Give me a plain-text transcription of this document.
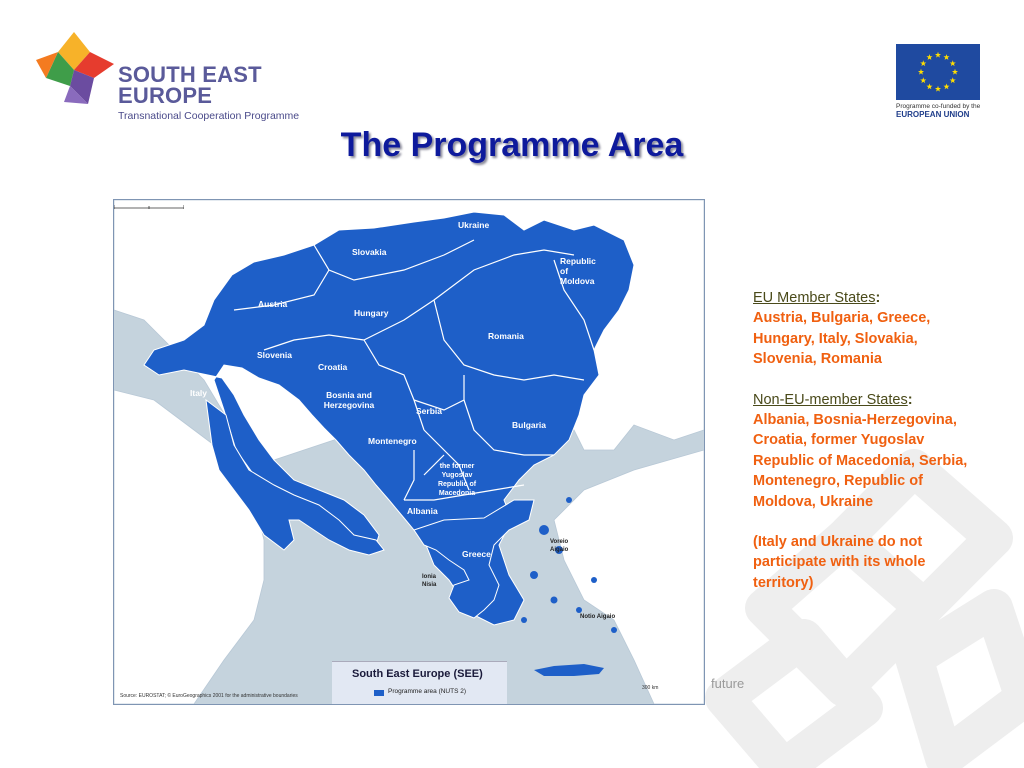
SOUTH EAST
EUROPE
Transnational Cooperation Programme
Programme co-funded by the
EUROPEAN UNION
The Programme Area
Slovakia
Ukraine
Republic of Moldova
Austria
Hungary
Romania
Slovenia
Croatia
Italy	Bosnia and Herzegovina
Serbia
Bulgaria
Montenegro
the former Yugoslav Republic of Macedonia
Albania
Greece
Ionia Nisia
Voreio Aigaio
Notio Aigaio
South East Europe (SEE)
Programme area (NUTS 2)
Source: EUROSTAT; © EuroGeographics 2001 for the administrative boundaries
300 km

EU Member States:
Austria, Bulgaria, Greece, Hungary, Italy, Slovakia, Slovenia, Romania

Non-EU-member States:
Albania, Bosnia-Herzegovina, Croatia, former Yugoslav Republic of Macedonia, Serbia, Montenegro, Republic of Moldova, Ukraine

(Italy and Ukraine do not participate with its whole territory)

future
